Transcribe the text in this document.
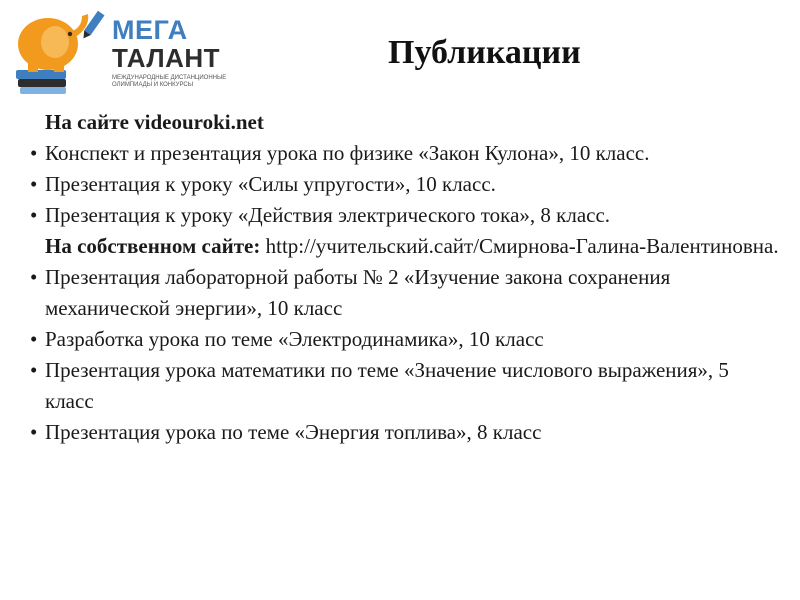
МЕГА
ТАЛАНТ
МЕЖДУНАРОДНЫЕ ДИСТАНЦИОННЫЕ ОЛИМПИАДЫ И КОНКУРСЫ
Публикации
На сайте videouroki.net
• Конспект и презентация урока по физике «Закон Кулона», 10 класс.
• Презентация к уроку «Силы упругости», 10 класс.
• Презентация к уроку «Действия электрического тока», 8 класс.
На собственном сайте: http://учительский.сайт/Смирнова-Галина-Валентиновна.
• Презентация лабораторной работы № 2 «Изучение закона сохранения механической энергии», 10 класс
• Разработка урока по теме «Электродинамика», 10 класс
• Презентация урока математики по теме «Значение числового выражения», 5 класс
• Презентация урока по теме «Энергия топлива», 8 класс
